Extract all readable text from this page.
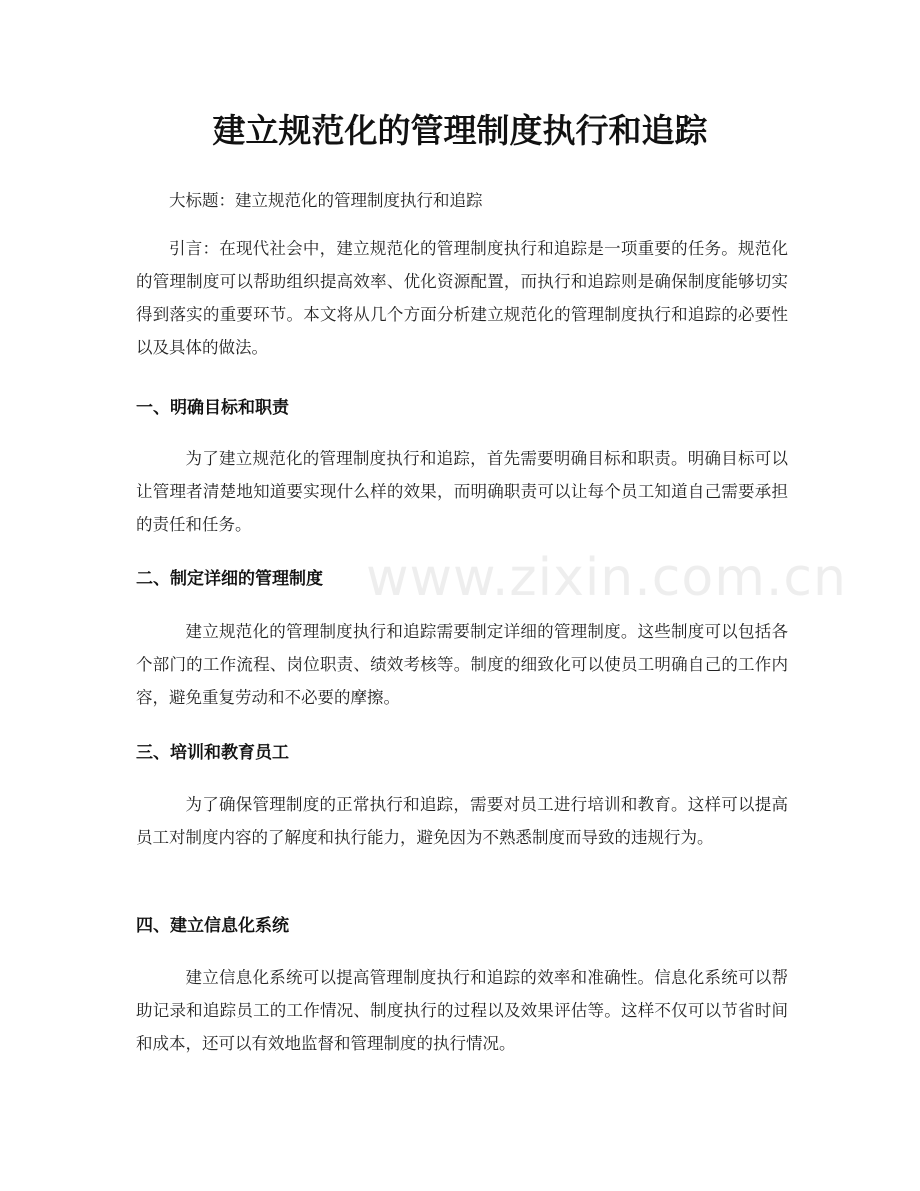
建立规范化的管理制度执行和追踪

大标题：建立规范化的管理制度执行和追踪

引言：在现代社会中，建立规范化的管理制度执行和追踪是一项重要的任务。规范化的管理制度可以帮助组织提高效率、优化资源配置，而执行和追踪则是确保制度能够切实得到落实的重要环节。本文将从几个方面分析建立规范化的管理制度执行和追踪的必要性以及具体的做法。

一、明确目标和职责

为了建立规范化的管理制度执行和追踪，首先需要明确目标和职责。明确目标可以让管理者清楚地知道要实现什么样的效果，而明确职责可以让每个员工知道自己需要承担的责任和任务。

二、制定详细的管理制度

建立规范化的管理制度执行和追踪需要制定详细的管理制度。这些制度可以包括各个部门的工作流程、岗位职责、绩效考核等。制度的细致化可以使员工明确自己的工作内容，避免重复劳动和不必要的摩擦。

三、培训和教育员工

为了确保管理制度的正常执行和追踪，需要对员工进行培训和教育。这样可以提高员工对制度内容的了解度和执行能力，避免因为不熟悉制度而导致的违规行为。

四、建立信息化系统

建立信息化系统可以提高管理制度执行和追踪的效率和准确性。信息化系统可以帮助记录和追踪员工的工作情况、制度执行的过程以及效果评估等。这样不仅可以节省时间和成本，还可以有效地监督和管理制度的执行情况。

www.zixin.com.cn
